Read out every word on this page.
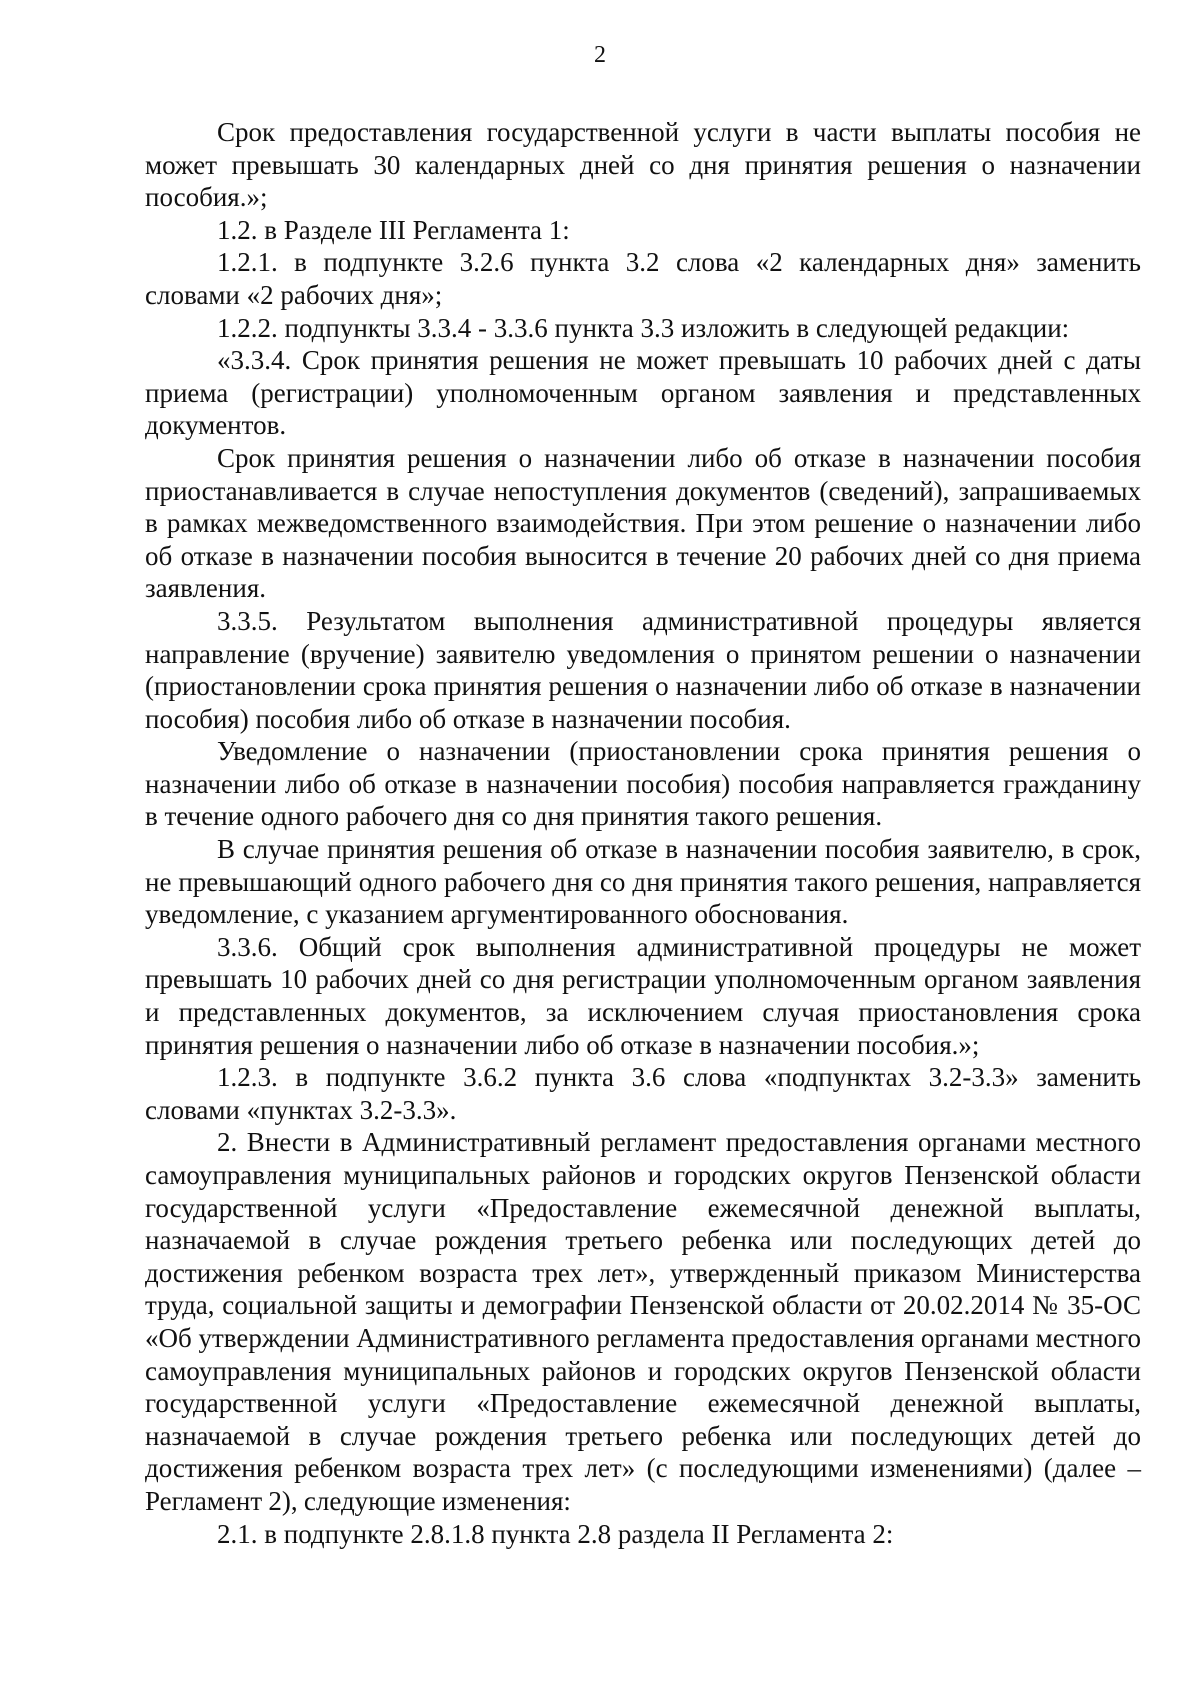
2

Срок предоставления государственной услуги в части выплаты пособия не может превышать 30 календарных дней со дня принятия решения о назначении пособия.»;

1.2. в Разделе III Регламента 1:

1.2.1. в подпункте 3.2.6 пункта 3.2 слова «2 календарных дня» заменить словами «2 рабочих дня»;

1.2.2. подпункты 3.3.4 - 3.3.6 пункта 3.3 изложить в следующей редакции:

«3.3.4. Срок принятия решения не может превышать 10 рабочих дней с даты приема (регистрации) уполномоченным органом заявления и представленных документов.

Срок принятия решения о назначении либо об отказе в назначении пособия приостанавливается в случае непоступления документов (сведений), запрашиваемых в рамках межведомственного взаимодействия. При этом решение о назначении либо об отказе в назначении пособия выносится в течение 20 рабочих дней со дня приема заявления.

3.3.5. Результатом выполнения административной процедуры является направление (вручение) заявителю уведомления о принятом решении о назначении (приостановлении срока принятия решения о назначении либо об отказе в назначении пособия) пособия либо об отказе в назначении пособия.

Уведомление о назначении (приостановлении срока принятия решения о назначении либо об отказе в назначении пособия) пособия направляется гражданину в течение одного рабочего дня со дня принятия такого решения.

В случае принятия решения об отказе в назначении пособия заявителю, в срок, не превышающий одного рабочего дня со дня принятия такого решения, направляется уведомление, с указанием аргументированного обоснования.

3.3.6. Общий срок выполнения административной процедуры не может превышать 10 рабочих дней со дня регистрации уполномоченным органом заявления и представленных документов, за исключением случая приостановления срока принятия решения о назначении либо об отказе в назначении пособия.»;

1.2.3. в подпункте 3.6.2 пункта 3.6 слова «подпунктах 3.2-3.3» заменить словами «пунктах 3.2-3.3».

2. Внести в Административный регламент предоставления органами местного самоуправления муниципальных районов и городских округов Пензенской области государственной услуги «Предоставление ежемесячной денежной выплаты, назначаемой в случае рождения третьего ребенка или последующих детей до достижения ребенком возраста трех лет», утвержденный приказом Министерства труда, социальной защиты и демографии Пензенской области от 20.02.2014 № 35-ОС «Об утверждении Административного регламента предоставления органами местного самоуправления муниципальных районов и городских округов Пензенской области государственной услуги «Предоставление ежемесячной денежной выплаты, назначаемой в случае рождения третьего ребенка или последующих детей до достижения ребенком возраста трех лет» (с последующими изменениями) (далее – Регламент 2), следующие изменения:

2.1. в подпункте 2.8.1.8 пункта 2.8 раздела II Регламента 2:
